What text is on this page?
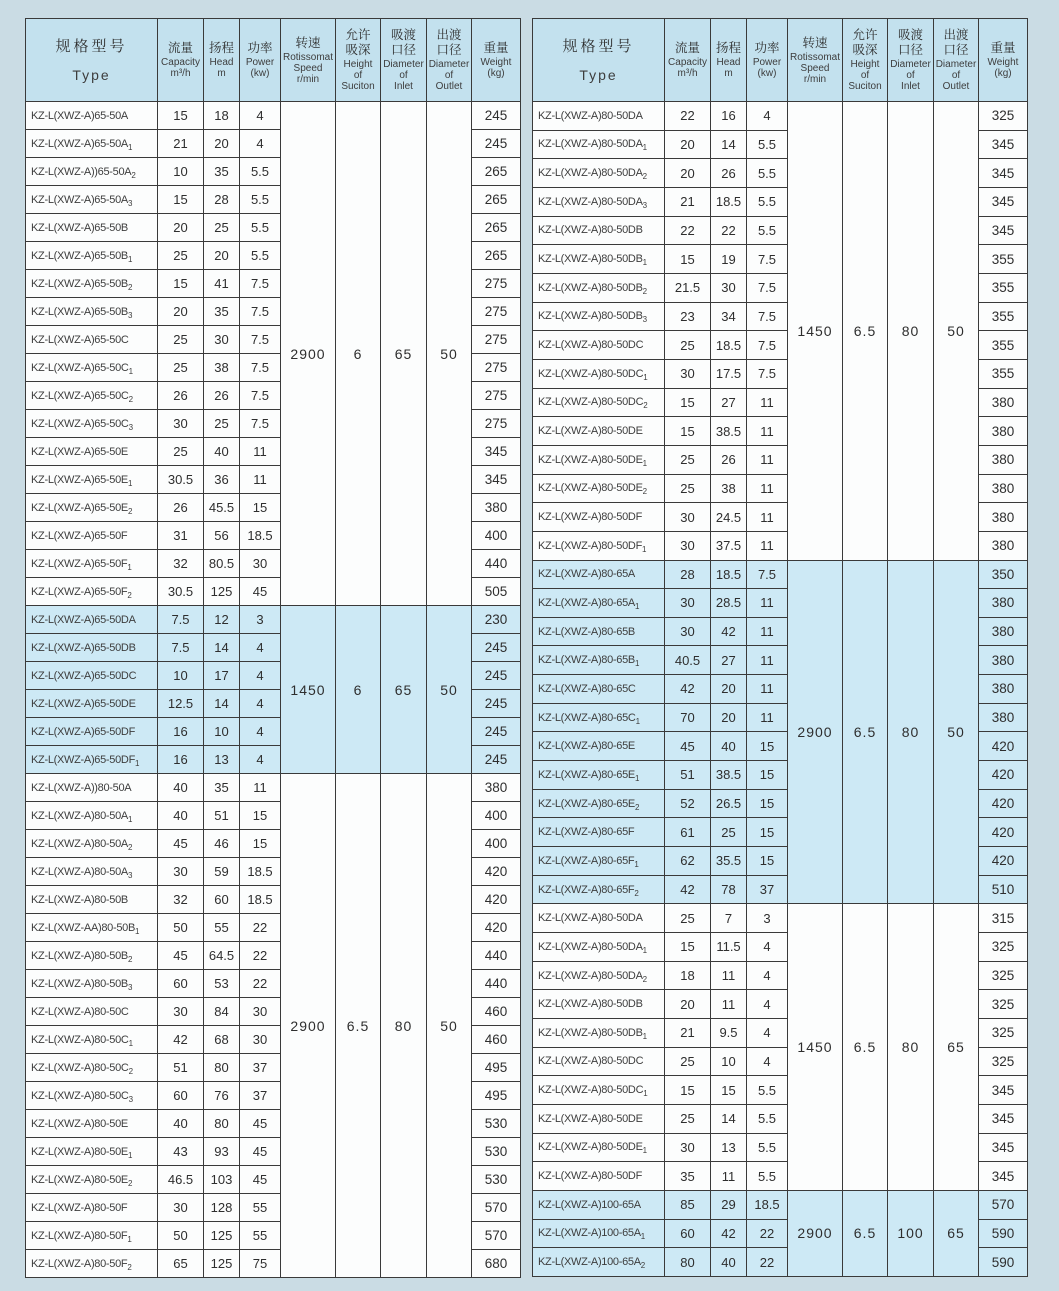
规格型号
Type

流量
Capacity
m³/h

扬程
Head
m

功率
Power
(kw)

转速
Rotissomat
Speed
r/min

允许
吸深
Height
of
Suciton

吸渡
口径
Diameter
of
Inlet

出渡
口径
Diameter
of
Outlet

重量
Weight
(kg)

KZ-L(XWZ-A)65-50A	15	18	4	2900	6	65	50	245
$KZ-L(XWZ-A)65-50A_1$	21	20	4					245
$KZ-L(XWZ-A))65-50A_2$	10	35	5.5					265
$KZ-L(XWZ-A)65-50A_3$	15	28	5.5					265
KZ-L(XWZ-A)65-50B	20	25	5.5					265
$KZ-L(XWZ-A)65-50B_1$	25	20	5.5					265
$KZ-L(XWZ-A)65-50B_2$	15	41	7.5					275
$KZ-L(XWZ-A)65-50B_3$	20	35	7.5					275
KZ-L(XWZ-A)65-50C	25	30	7.5					275
$KZ-L(XWZ-A)65-50C_1$	25	38	7.5					275
$KZ-L(XWZ-A)65-50C_2$	26	26	7.5					275
$KZ-L(XWZ-A)65-50C_3$	30	25	7.5					275
KZ-L(XWZ-A)65-50E	25	40	11					345
$KZ-L(XWZ-A)65-50E_1$	30.5	36	11					345
$KZ-L(XWZ-A)65-50E_2$	26	45.5	15					380
KZ-L(XWZ-A)65-50F	31	56	18.5					400
$KZ-L(XWZ-A)65-50F_1$	32	80.5	30					440
$KZ-L(XWZ-A)65-50F_2$	30.5	125	45					505
KZ-L(XWZ-A)65-50DA	7.5	12	3	1450	6	65	50	230
KZ-L(XWZ-A)65-50DB	7.5	14	4					245
KZ-L(XWZ-A)65-50DC	10	17	4					245
KZ-L(XWZ-A)65-50DE	12.5	14	4					245
KZ-L(XWZ-A)65-50DF	16	10	4					245
$KZ-L(XWZ-A)65-50DF_1$	16	13	4					245
KZ-L(XWZ-A))80-50A	40	35	11	2900	6.5	80	50	380
$KZ-L(XWZ-A)80-50A_1$	40	51	15					400
$KZ-L(XWZ-A)80-50A_2$	45	46	15					400
$KZ-L(XWZ-A)80-50A_3$	30	59	18.5					420
KZ-L(XWZ-A)80-50B	32	60	18.5					420
$KZ-L(XWZ-AA)80-50B_1$	50	55	22					420
$KZ-L(XWZ-A)80-50B_2$	45	64.5	22					440
$KZ-L(XWZ-A)80-50B_3$	60	53	22					440
KZ-L(XWZ-A)80-50C	30	84	30					460
$KZ-L(XWZ-A)80-50C_1$	42	68	30					460
$KZ-L(XWZ-A)80-50C_2$	51	80	37					495
$KZ-L(XWZ-A)80-50C_3$	60	76	37					495
KZ-L(XWZ-A)80-50E	40	80	45					530
$KZ-L(XWZ-A)80-50E_1$	43	93	45					530
$KZ-L(XWZ-A)80-50E_2$	46.5	103	45					530
KZ-L(XWZ-A)80-50F	30	128	55					570
$KZ-L(XWZ-A)80-50F_1$	50	125	55					570
$KZ-L(XWZ-A)80-50F_2$	65	125	75					680
规格型号
Type

流量
Capacity
m³/h

扬程
Head
m

功率
Power
(kw)

转速
Rotissomat
Speed
r/min

允许
吸深
Height
of
Suciton

吸渡
口径
Diameter
of
Inlet

出渡
口径
Diameter
of
Outlet

重量
Weight
(kg)

KZ-L(XWZ-A)80-50DA	22	16	4	1450	6.5	80	50	325
$KZ-L(XWZ-A)80-50DA_1$	20	14	5.5					345
$KZ-L(XWZ-A)80-50DA_2$	20	26	5.5					345
$KZ-L(XWZ-A)80-50DA_3$	21	18.5	5.5					345
KZ-L(XWZ-A)80-50DB	22	22	5.5					345
$KZ-L(XWZ-A)80-50DB_1$	15	19	7.5					355
$KZ-L(XWZ-A)80-50DB_2$	21.5	30	7.5					355
$KZ-L(XWZ-A)80-50DB_3$	23	34	7.5					355
KZ-L(XWZ-A)80-50DC	25	18.5	7.5					355
$KZ-L(XWZ-A)80-50DC_1$	30	17.5	7.5					355
$KZ-L(XWZ-A)80-50DC_2$	15	27	11					380
KZ-L(XWZ-A)80-50DE	15	38.5	11					380
$KZ-L(XWZ-A)80-50DE_1$	25	26	11					380
$KZ-L(XWZ-A)80-50DE_2$	25	38	11					380
KZ-L(XWZ-A)80-50DF	30	24.5	11					380
$KZ-L(XWZ-A)80-50DF_1$	30	37.5	11					380
KZ-L(XWZ-A)80-65A	28	18.5	7.5	2900	6.5	80	50	350
$KZ-L(XWZ-A)80-65A_1$	30	28.5	11					380
KZ-L(XWZ-A)80-65B	30	42	11					380
$KZ-L(XWZ-A)80-65B_1$	40.5	27	11					380
KZ-L(XWZ-A)80-65C	42	20	11					380
$KZ-L(XWZ-A)80-65C_1$	70	20	11					380
KZ-L(XWZ-A)80-65E	45	40	15					420
$KZ-L(XWZ-A)80-65E_1$	51	38.5	15					420
$KZ-L(XWZ-A)80-65E_2$	52	26.5	15					420
KZ-L(XWZ-A)80-65F	61	25	15					420
$KZ-L(XWZ-A)80-65F_1$	62	35.5	15					420
$KZ-L(XWZ-A)80-65F_2$	42	78	37					510
KZ-L(XWZ-A)80-50DA	25	7	3	1450	6.5	80	65	315
$KZ-L(XWZ-A)80-50DA_1$	15	11.5	4					325
$KZ-L(XWZ-A)80-50DA_2$	18	11	4					325
KZ-L(XWZ-A)80-50DB	20	11	4					325
$KZ-L(XWZ-A)80-50DB_1$	21	9.5	4					325
KZ-L(XWZ-A)80-50DC	25	10	4					325
$KZ-L(XWZ-A)80-50DC_1$	15	15	5.5					345
KZ-L(XWZ-A)80-50DE	25	14	5.5					345
$KZ-L(XWZ-A)80-50DE_1$	30	13	5.5					345
KZ-L(XWZ-A)80-50DF	35	11	5.5					345
KZ-L(XWZ-A)100-65A	85	29	18.5	2900	6.5	100	65	570
$KZ-L(XWZ-A)100-65A_1$	60	42	22					590
$KZ-L(XWZ-A)100-65A_2$	80	40	22					590
